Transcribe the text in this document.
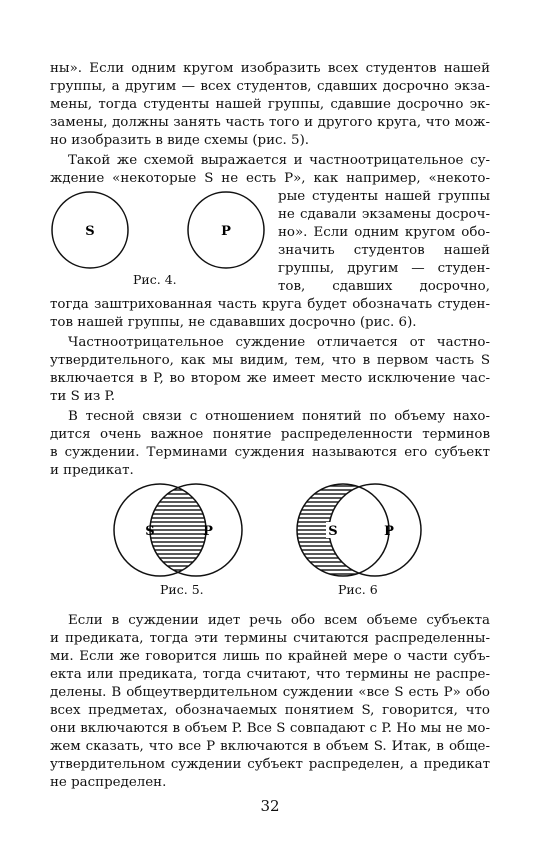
ны». Если одним кругом изобразить всех студентов нашей

группы, а другим — всех студентов, сдавших досрочно экза-

мены, тогда студенты нашей группы, сдавшие досрочно эк-

замены, должны занять часть того и другого круга, что мож-

но изобразить в виде схемы (рис. 5).

Такой же схемой выражается и частноотрицательное су-

ждение «некоторые S не есть P», как например, «некото-

S	P
Рис. 4.

рые студенты нашей группы

не сдавали экзамены досроч-

но». Если одним кругом обо-

значить студентов нашей

группы, другим — студен-

тов, сдавших досрочно,

тогда заштрихованная часть круга будет обозначать студен-

тов нашей группы, не сдававших досрочно (рис. 6).

Частноотрицательное суждение отличается от частно-

утвердительного, как мы видим, тем, что в первом часть S

включается в P, во втором же имеет место исключение час-

ти S из P.

В тесной связи с отношением понятий по объему нахо-

дится очень важное понятие распределенности терминов

в суждении. Терминами суждения называются его субъект

и предикат.

S	P	S	P
Рис. 5.	Рис. 6

Если в суждении идет речь обо всем объеме субъекта

и предиката, тогда эти термины считаются распределенны-

ми. Если же говорится лишь по крайней мере о части субъ-

екта или предиката, тогда считают, что термины не распре-

делены. В общеутвердительном суждении «все S есть P» обо

всех предметах, обозначаемых понятием S, говорится, что

они включаются в объем P. Все S совпадают с P. Но мы не мо-

жем сказать, что все P включаются в объем S. Итак, в обще-

утвердительном суждении субъект распределен, а предикат

не распределен.

32
